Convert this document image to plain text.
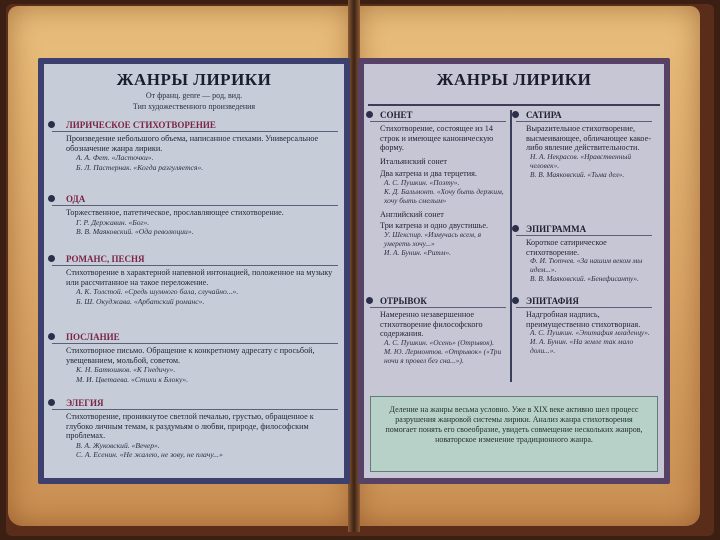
ЖАНРЫ ЛИРИКИ
От франц. genre — род, вид.
Тип художественного произведения
ЛИРИЧЕСКОЕ СТИХОТВОРЕНИЕ
Произведение небольшого объема, написанное стихами. Универсальное обозначение жанра лирики.
А. А. Фет. «Ласточки».
Б. Л. Пастернак. «Когда разгуляется».
ОДА
Торжественное, патетическое, прославляющее стихотворение.
Г. Р. Державин. «Бог».
В. В. Маяковский. «Ода революции».
РОМАНС, ПЕСНЯ
Стихотворение в характерной напевной интонацией, положенное на музыку или рассчитанное на такое переложение.
А. К. Толстой. «Средь шумного бала, случайно...».
Б. Ш. Окуджава. «Арбатский романс».
ПОСЛАНИЕ
Стихотворное письмо. Обращение к конкретному адресату с просьбой, увещеванием, мольбой, советом.
К. Н. Батюшков. «К Гнедичу».
М. И. Цветаева. «Стихи к Блоку».
ЭЛЕГИЯ
Стихотворение, проникнутое светлой печалью, грустью, обращенное к глубоко личным темам, к раздумьям о любви, природе, философским проблемах.
В. А. Жуковский. «Вечер».
С. А. Есенин. «Не жалею, не зову, не плачу...»
ЖАНРЫ ЛИРИКИ
СОНЕТ
Стихотворение, состоящее из 14 строк и имеющее каноническую форму.
Итальянский сонет
Два катрена и два терцетия.
А. С. Пушкин. «Поэту».
К. Д. Бальмонт. «Хочу быть дерзким, хочу быть смелым»
Английский сонет
Три катрена и одно двустишье.
У. Шекспир. «Измучась всем, я умереть хочу...»
И. А. Бунин. «Ритм».
ОТРЫВОК
Намеренно незавершенное стихотворение философского содержания.
А. С. Пушкин. «Осень» (Отрывок).
М. Ю. Лермонтов. «Отрывок» («Три ночи я провел без сна...»).
САТИРА
Вырazительное стихотворение, высмеивающее, обличающее какое-либо явление действительности.
Н. А. Некрасов. «Нравственный человек».
В. В. Маяковский. «Тьма дел».
ЭПИГРАММА
Короткое сатирическое стихотворение.
Ф. И. Тютчев. «За нашим веком мы идем...».
В. В. Маяковский. «Бенефисанту».
ЭПИТАФИЯ
Надгробная надпись, преимущественно стихотворная.
А. С. Пушкин. «Эпитафия младенцу».
И. А. Бунин. «На земле так мало доли...».
Деление на жанры весьма условно. Уже в XIX веке активно шел процесс разрушения жанровой системы лирики. Анализ жанра стихотворения помогает понять его своеобразие, увидеть совмещение нескольких жанров, новаторское изменение традиционного жанра.
